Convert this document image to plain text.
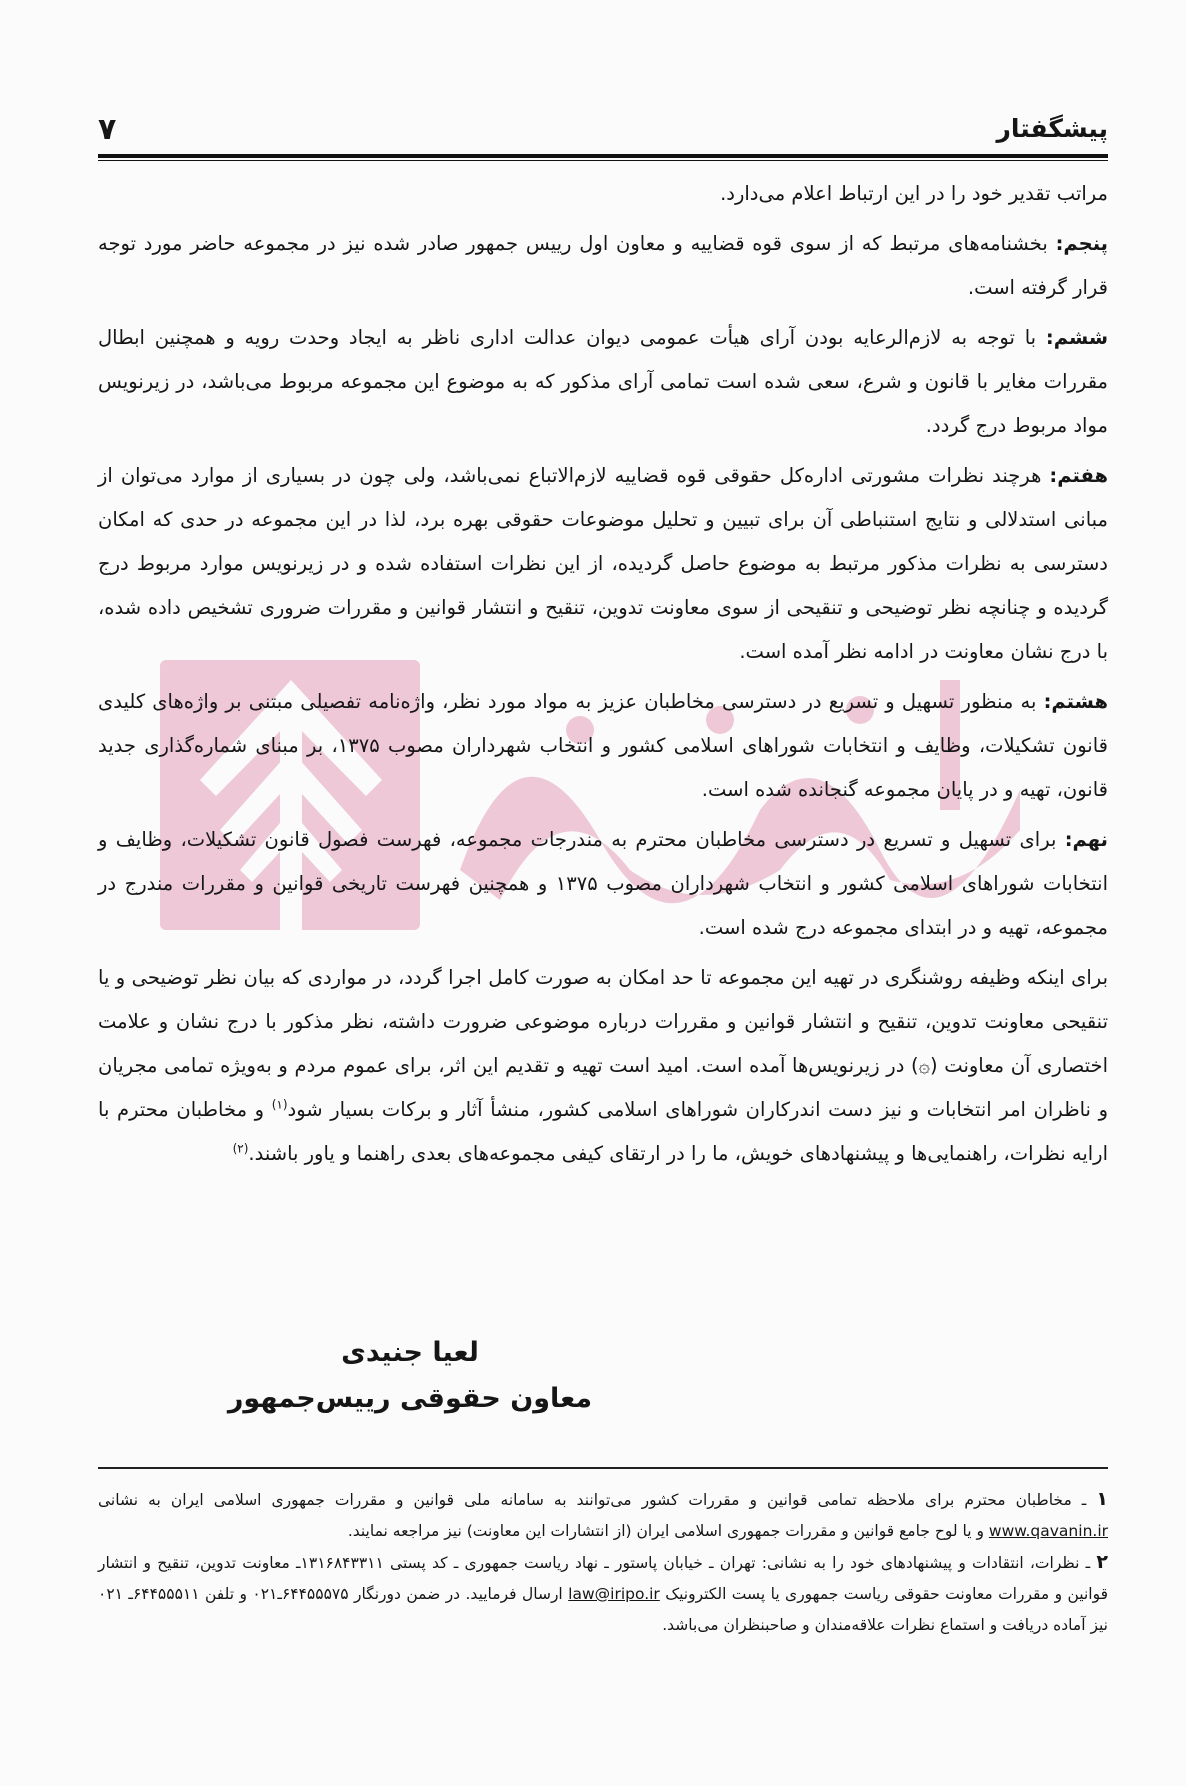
پیشگفتار
۷

مراتب تقدیر خود را در این ارتباط اعلام می‌دارد.

پنجم: بخشنامه‌های مرتبط که از سوی قوه قضاییه و معاون اول رییس جمهور صادر شده نیز در مجموعه حاضر مورد توجه قرار گرفته است.

ششم: با توجه به لازم‌الرعایه بودن آرای هیأت عمومی دیوان عدالت اداری ناظر به ایجاد وحدت رویه و همچنین ابطال مقررات مغایر با قانون و شرع، سعی شده است تمامی آرای مذکور که به موضوع این مجموعه مربوط می‌باشد، در زیرنویس مواد مربوط درج گردد.

هفتم: هرچند نظرات مشورتی اداره‌کل حقوقی قوه قضاییه لازم‌الاتباع نمی‌باشد، ولی چون در بسیاری از موارد می‌توان از مبانی استدلالی و نتایج استنباطی آن برای تبیین و تحلیل موضوعات حقوقی بهره برد، لذا در این مجموعه در حدی که امکان دسترسی به نظرات مذکور مرتبط به موضوع حاصل گردیده، از این نظرات استفاده شده و در زیرنویس موارد مربوط درج گردیده و چنانچه نظر توضیحی و تنقیحی از سوی معاونت تدوین، تنقیح و انتشار قوانین و مقررات ضروری تشخیص داده شده، با درج نشان معاونت در ادامه نظر آمده است.

هشتم: به منظور تسهیل و تسریع در دسترسی مخاطبان عزیز به مواد مورد نظر، واژه‌نامه تفصیلی مبتنی بر واژه‌های کلیدی قانون تشکیلات، وظایف و انتخابات شوراهای اسلامی کشور و انتخاب شهرداران مصوب ۱۳۷۵، بر مبنای شماره‌گذاری جدید قانون، تهیه و در پایان مجموعه گنجانده شده است.

نهم: برای تسهیل و تسریع در دسترسی مخاطبان محترم به مندرجات مجموعه، فهرست فصول قانون تشکیلات، وظایف و انتخابات شوراهای اسلامی کشور و انتخاب شهرداران مصوب ۱۳۷۵ و همچنین فهرست تاریخی قوانین و مقررات مندرج در مجموعه، تهیه و در ابتدای مجموعه درج شده است.

برای اینکه وظیفه روشنگری در تهیه این مجموعه تا حد امکان به صورت کامل اجرا گردد، در مواردی که بیان نظر توضیحی و یا تنقیحی معاونت تدوین، تنقیح و انتشار قوانین و مقررات درباره موضوعی ضرورت داشته، نظر مذکور با درج نشان و علامت اختصاری آن معاونت (۞) در زیرنویس‌ها آمده است. امید است تهیه و تقدیم این اثر، برای عموم مردم و به‌ویژه تمامی مجریان و ناظران امر انتخابات و نیز دست اندرکاران شوراهای اسلامی کشور، منشأ آثار و برکات بسیار شود$^{(۱)}$ و مخاطبان محترم با ارایه نظرات، راهنمایی‌ها و پیشنهادهای خویش، ما را در ارتقای کیفی مجموعه‌های بعدی راهنما و یاور باشند.$^{(۲)}$

لعیا جنیدی
معاون حقوقی رییس‌جمهور

۱ ـ مخاطبان محترم برای ملاحظه تمامی قوانین و مقررات کشور می‌توانند به سامانه ملی قوانین و مقررات جمهوری اسلامی ایران به نشانی www.qavanin.ir و یا لوح جامع قوانین و مقررات جمهوری اسلامی ایران (از انتشارات این معاونت) نیز مراجعه نمایند.

۲ ـ نظرات، انتقادات و پیشنهادهای خود را به نشانی: تهران ـ خیابان پاستور ـ نهاد ریاست جمهوری ـ کد پستی ۱۳۱۶۸۴۳۳۱۱ـ معاونت تدوین، تنقیح و انتشار قوانین و مقررات معاونت حقوقی ریاست جمهوری یا پست الکترونیک law@iripo.ir ارسال فرمایید. در ضمن دورنگار ۶۴۴۵۵۵۷۵ـ۰۲۱ و تلفن ۶۴۴۵۵۵۱۱ـ ۰۲۱ نیز آماده دریافت و استماع نظرات علاقه‌مندان و صاحبنظران می‌باشد.
